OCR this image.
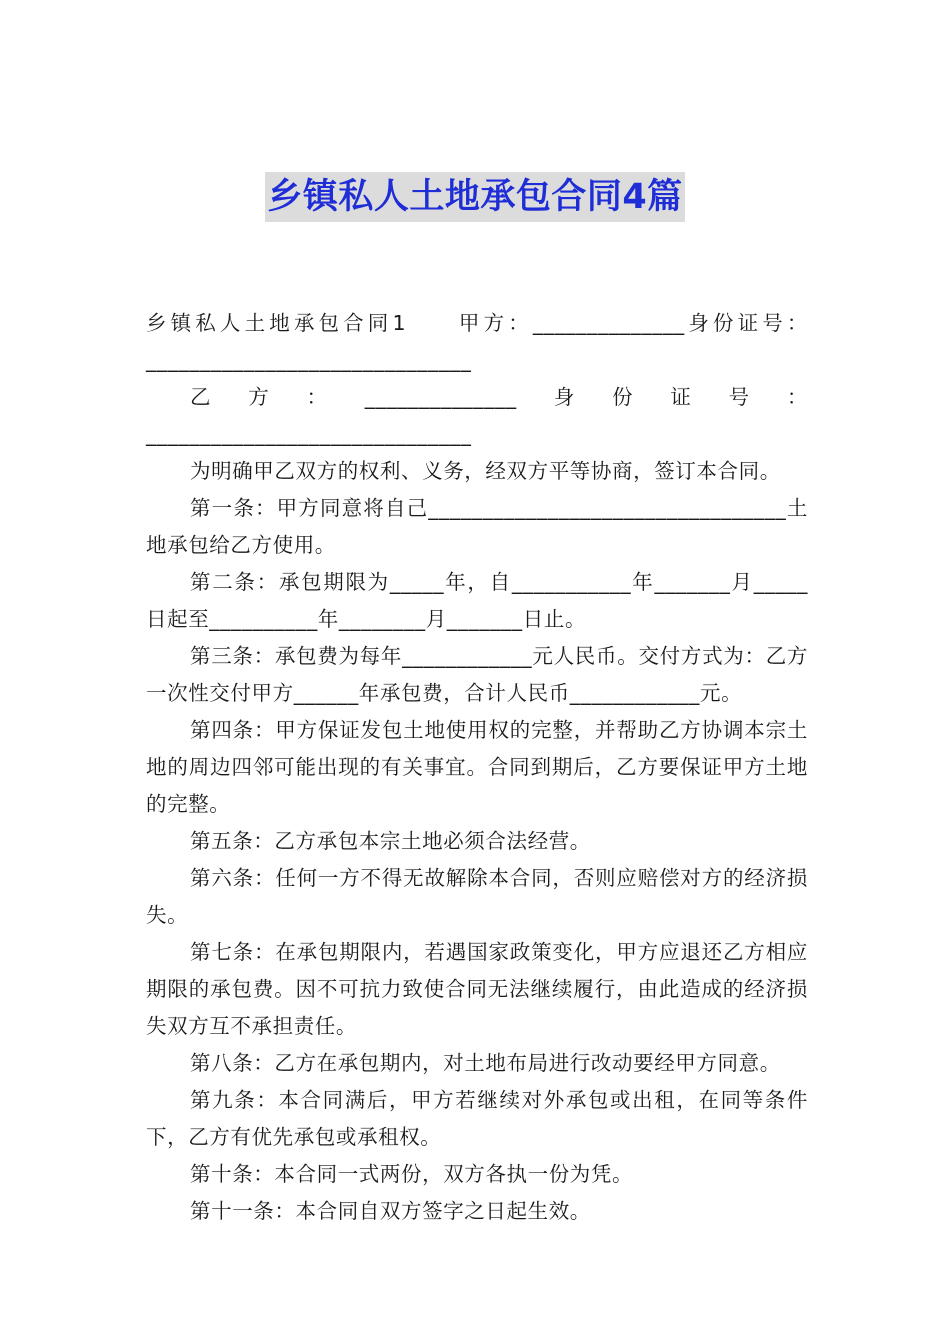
乡镇私人土地承包合同4篇

乡镇私人土地承包合同1　　甲方：______________身份证号：______________________________

乙方：______________身份证号：______________________________

为明确甲乙双方的权利、义务，经双方平等协商，签订本合同。

第一条：甲方同意将自己_________________________________土地承包给乙方使用。

第二条：承包期限为_____年，自___________年_______月_____日起至__________年________月_______日止。

第三条：承包费为每年____________元人民币。交付方式为：乙方一次性交付甲方______年承包费，合计人民币____________元。

第四条：甲方保证发包土地使用权的完整，并帮助乙方协调本宗土地的周边四邻可能出现的有关事宜。合同到期后，乙方要保证甲方土地的完整。

第五条：乙方承包本宗土地必须合法经营。

第六条：任何一方不得无故解除本合同，否则应赔偿对方的经济损失。

第七条：在承包期限内，若遇国家政策变化，甲方应退还乙方相应期限的承包费。因不可抗力致使合同无法继续履行，由此造成的经济损失双方互不承担责任。

第八条：乙方在承包期内，对土地布局进行改动要经甲方同意。

第九条：本合同满后，甲方若继续对外承包或出租，在同等条件下，乙方有优先承包或承租权。

第十条：本合同一式两份，双方各执一份为凭。

第十一条：本合同自双方签字之日起生效。
